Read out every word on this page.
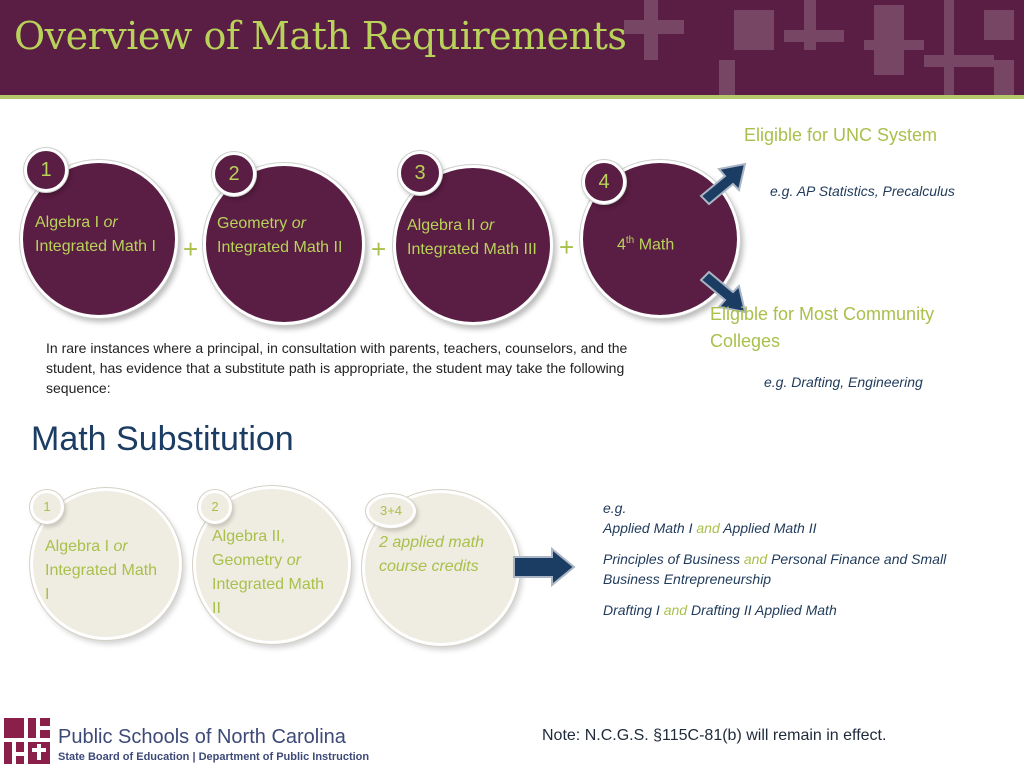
Overview of Math Requirements
Algebra I or
Integrated Math I
1
+
Geometry or
Integrated Math II
2
+
Algebra II or
Integrated Math III
3
+	4th Math
4
Eligible for UNC System
e.g. AP Statistics, Precalculus
Eligible for Most Community Colleges
e.g. Drafting, Engineering

In rare instances where a principal, in consultation with parents, teachers, counselors, and the student, has evidence that a substitute path is appropriate, the student may take the following sequence:

Math Substitution
Algebra I or
Integrated Math I
1
Algebra II, Geometry or
Integrated Math II
2
2 applied math course credits
3+4	e.g.

Applied Math I and Applied Math II

Principles of Business and Personal Finance and Small Business Entrepreneurship

Drafting I and Drafting II Applied Math

Public Schools of North Carolina
State Board of Education | Department of Public Instruction
Note: N.C.G.S. §115C-81(b) will remain in effect.
